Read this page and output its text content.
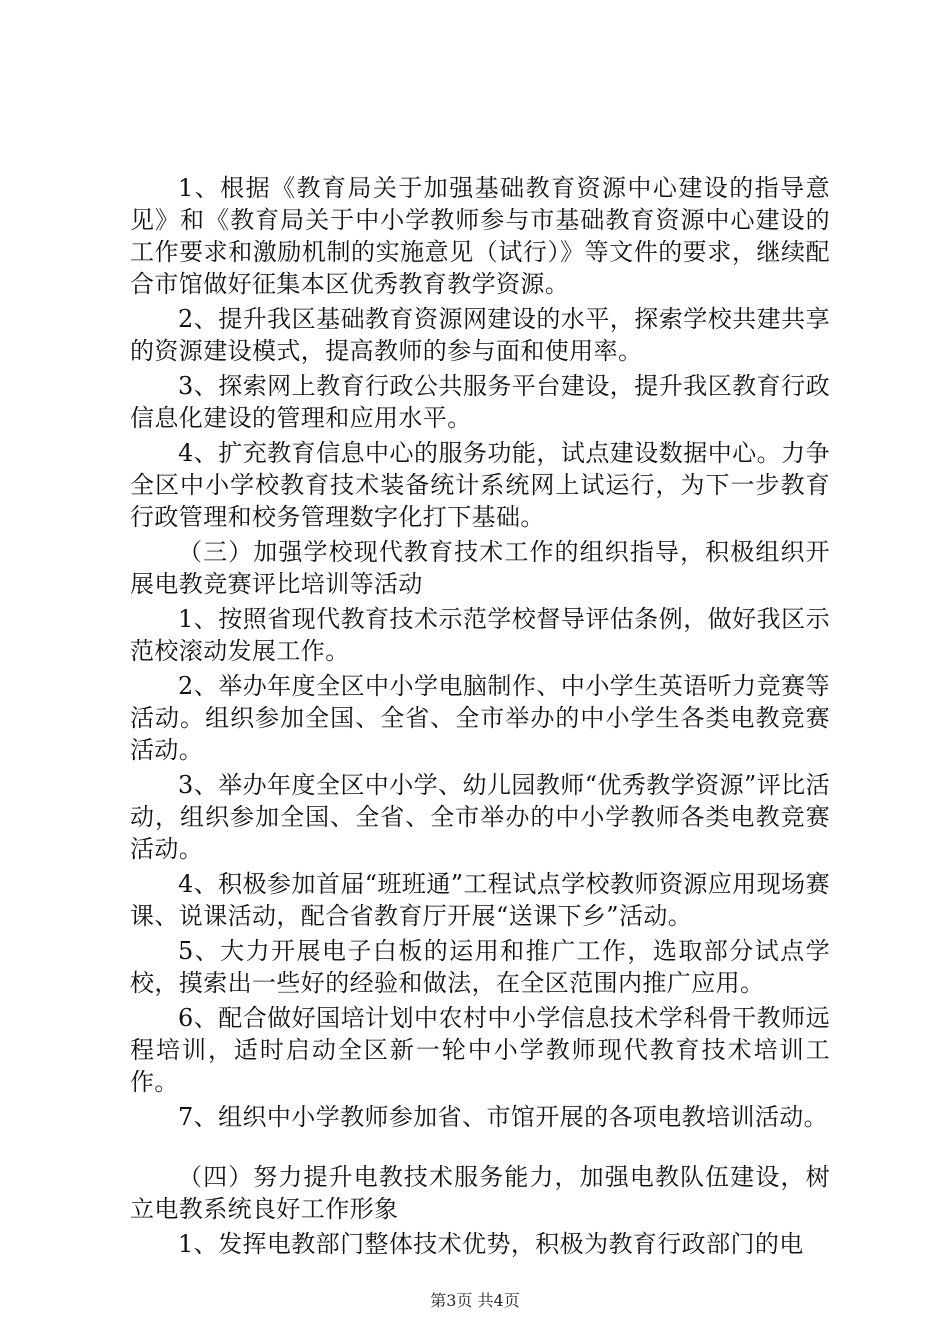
1、根据《教育局关于加强基础教育资源中心建设的指导意见》和《教育局关于中小学教师参与市基础教育资源中心建设的工作要求和激励机制的实施意见（试行）》等文件的要求，继续配合市馆做好征集本区优秀教育教学资源。

2、提升我区基础教育资源网建设的水平，探索学校共建共享的资源建设模式，提高教师的参与面和使用率。

3、探索网上教育行政公共服务平台建设，提升我区教育行政信息化建设的管理和应用水平。

4、扩充教育信息中心的服务功能，试点建设数据中心。力争全区中小学校教育技术装备统计系统网上试运行，为下一步教育行政管理和校务管理数字化打下基础。

（三）加强学校现代教育技术工作的组织指导，积极组织开展电教竞赛评比培训等活动

1、按照省现代教育技术示范学校督导评估条例，做好我区示范校滚动发展工作。

2、举办年度全区中小学电脑制作、中小学生英语听力竞赛等活动。组织参加全国、全省、全市举办的中小学生各类电教竞赛活动。

3、举办年度全区中小学、幼儿园教师“优秀教学资源”评比活动，组织参加全国、全省、全市举办的中小学教师各类电教竞赛活动。

4、积极参加首届“班班通”工程试点学校教师资源应用现场赛课、说课活动，配合省教育厅开展“送课下乡”活动。

5、大力开展电子白板的运用和推广工作，选取部分试点学校，摸索出一些好的经验和做法，在全区范围内推广应用。

6、配合做好国培计划中农村中小学信息技术学科骨干教师远程培训，适时启动全区新一轮中小学教师现代教育技术培训工作。

7、组织中小学教师参加省、市馆开展的各项电教培训活动。

（四）努力提升电教技术服务能力，加强电教队伍建设，树立电教系统良好工作形象

1、发挥电教部门整体技术优势，积极为教育行政部门的电

第3页 共4页
